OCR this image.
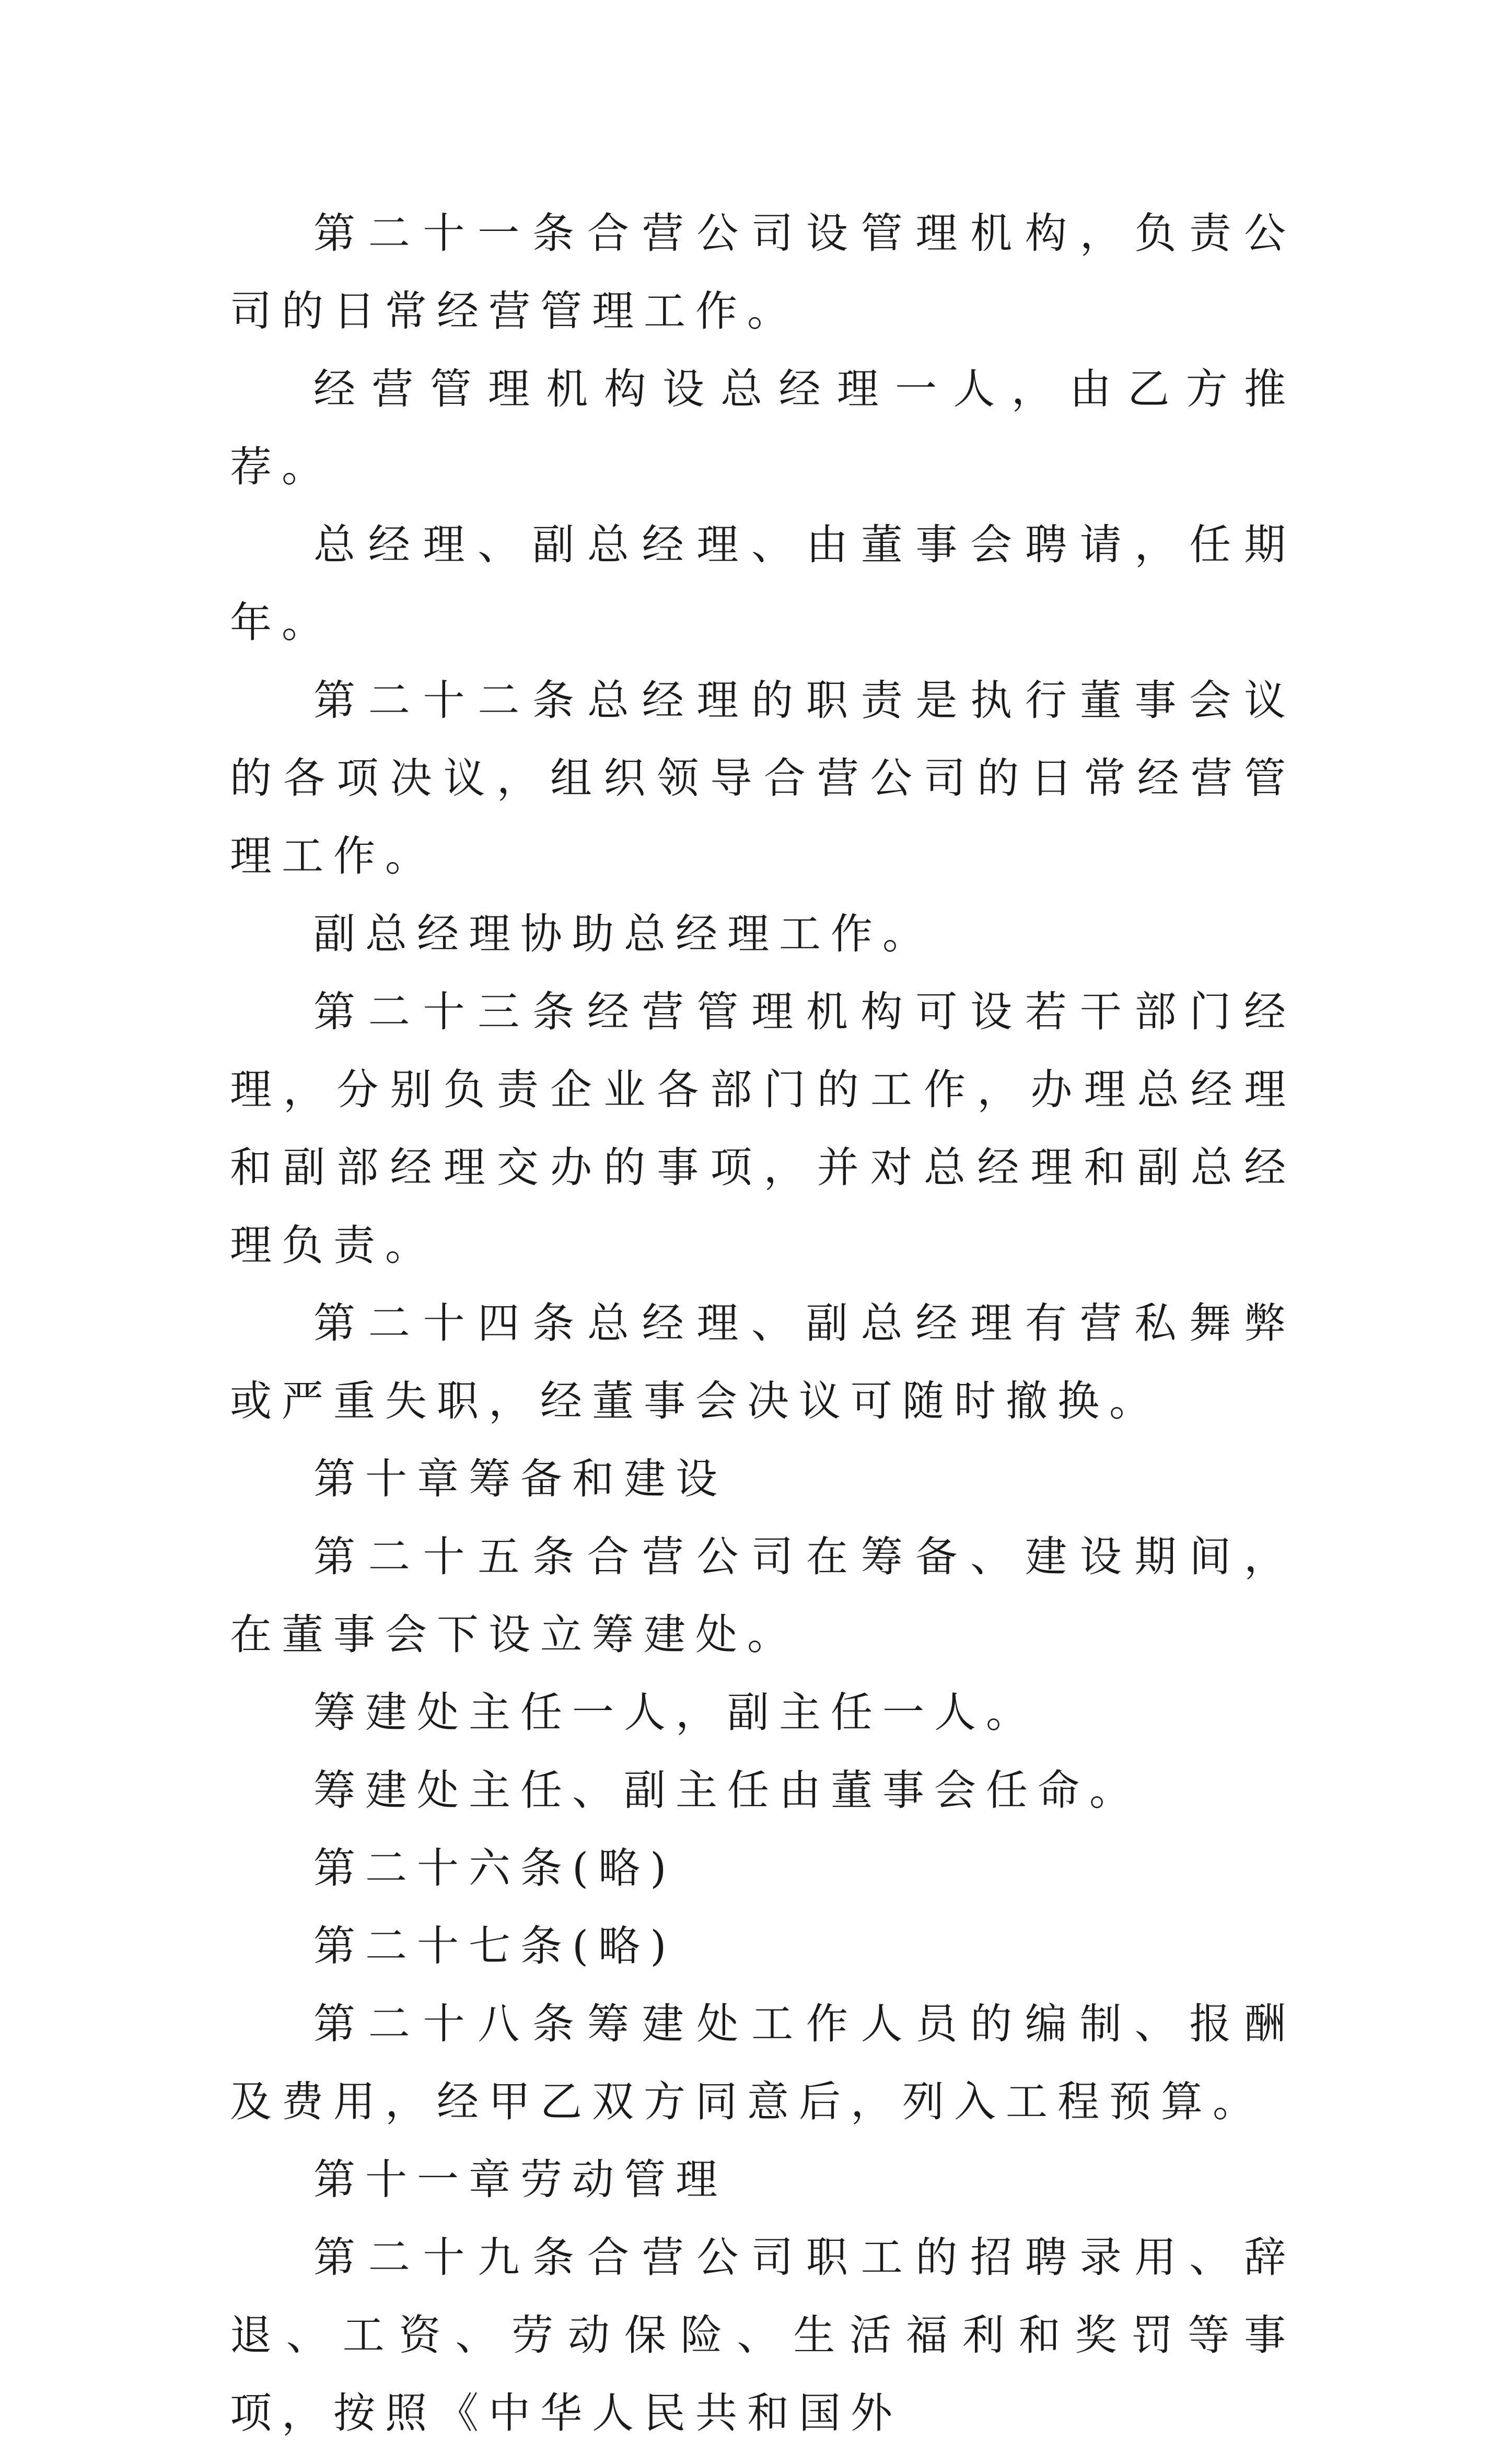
第二十一条合营公司设管理机构，负责公司的日常经营管理工作。

经营管理机构设总经理一人，由乙方推荐。

总经理、副总经理、由董事会聘请，任期年。

第二十二条总经理的职责是执行董事会议的各项决议，组织领导合营公司的日常经营管理工作。

副总经理协助总经理工作。

第二十三条经营管理机构可设若干部门经理，分别负责企业各部门的工作，办理总经理和副部经理交办的事项，并对总经理和副总经理负责。

第二十四条总经理、副总经理有营私舞弊或严重失职，经董事会决议可随时撤换。

第十章筹备和建设

第二十五条合营公司在筹备、建设期间，在董事会下设立筹建处。

筹建处主任一人，副主任一人。

筹建处主任、副主任由董事会任命。

第二十六条(略)

第二十七条(略)

第二十八条筹建处工作人员的编制、报酬及费用，经甲乙双方同意后，列入工程预算。

第十一章劳动管理

第二十九条合营公司职工的招聘录用、辞退、工资、劳动保险、生活福利和奖罚等事项，按照《中华人民共和国外
